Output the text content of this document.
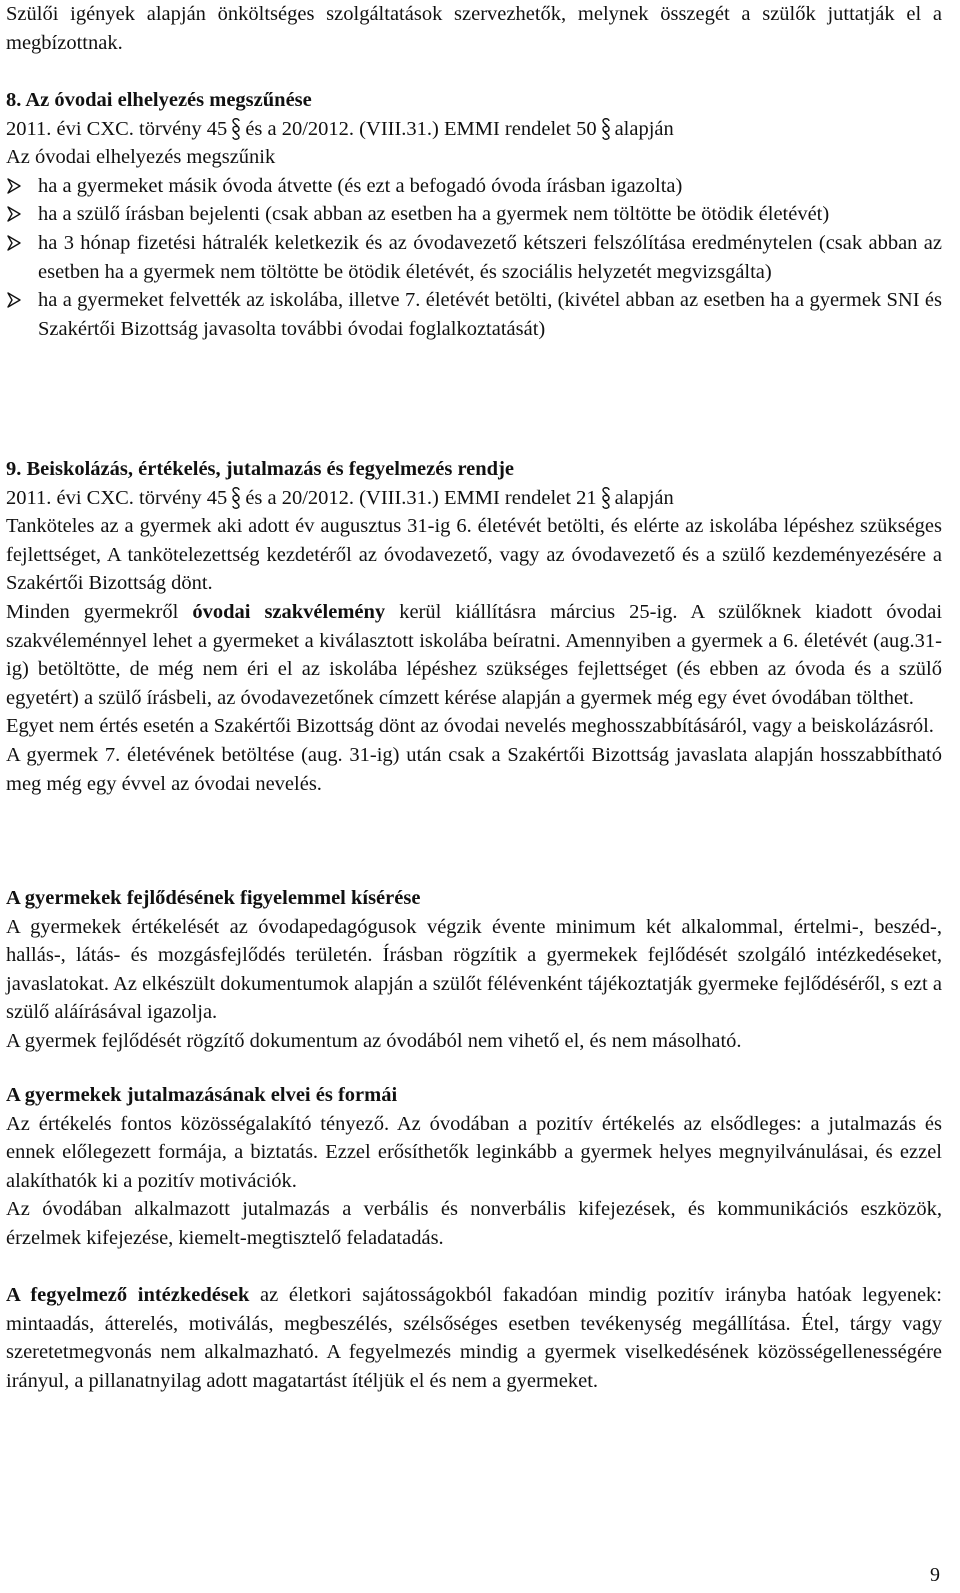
Szülői igények alapján önköltséges szolgáltatások szervezhetők, melynek összegét a szülők juttatják el a megbízottnak.

8. Az óvodai elhelyezés megszűnése

2011. évi CXC. törvény 45 és a 20/2012. (VIII.31.) EMMI rendelet 50 alapján

Az óvodai elhelyezés megszűnik

ha a gyermeket másik óvoda átvette (és ezt a befogadó óvoda írásban igazolta)

ha a szülő írásban bejelenti (csak abban az esetben ha a gyermek nem töltötte be ötödik életévét)

ha 3 hónap fizetési hátralék keletkezik és az óvodavezető kétszeri felszólítása eredménytelen (csak abban az esetben ha a gyermek nem töltötte be ötödik életévét, és szociális helyzetét megvizsgálta)

ha a gyermeket felvették az iskolába, illetve 7. életévét betölti, (kivétel abban az esetben ha a gyermek SNI és Szakértői Bizottság javasolta további óvodai foglalkoztatását)

9. Beiskolázás, értékelés, jutalmazás és fegyelmezés rendje

2011. évi CXC. törvény 45 és a 20/2012. (VIII.31.) EMMI rendelet 21 alapján

Tanköteles az a gyermek aki adott év augusztus 31-ig 6. életévét betölti, és elérte az iskolába lépéshez szükséges fejlettséget, A tankötelezettség kezdetéről az óvodavezető, vagy az óvodavezető és a szülő kezdeményezésére a Szakértői Bizottság dönt.

Minden gyermekről óvodai szakvélemény kerül kiállításra március 25-ig. A szülőknek kiadott óvodai szakvéleménnyel lehet a gyermeket a kiválasztott iskolába beíratni. Amennyiben a gyermek a 6. életévét (aug.31-ig) betöltötte, de még nem éri el az iskolába lépéshez szükséges fejlettséget (és ebben az óvoda és a szülő egyetért) a szülő írásbeli, az óvodavezetőnek címzett kérése alapján a gyermek még egy évet óvodában tölthet.

Egyet nem értés esetén a Szakértői Bizottság dönt az óvodai nevelés meghosszabbításáról, vagy a beiskolázásról.

A gyermek 7. életévének betöltése (aug. 31-ig) után csak a Szakértői Bizottság javaslata alapján hosszabbítható meg még egy évvel az óvodai nevelés.

A gyermekek fejlődésének figyelemmel kísérése

A gyermekek értékelését az óvodapedagógusok végzik évente minimum két alkalommal, értelmi-, beszéd-, hallás-, látás- és mozgásfejlődés területén. Írásban rögzítik a gyermekek fejlődését szolgáló intézkedéseket, javaslatokat. Az elkészült dokumentumok alapján a szülőt félévenként tájékoztatják gyermeke fejlődéséről, s ezt a szülő aláírásával igazolja.

A gyermek fejlődését rögzítő dokumentum az óvodából nem vihető el, és nem másolható.

A gyermekek jutalmazásának elvei és formái

Az értékelés fontos közösségalakító tényező. Az óvodában a pozitív értékelés az elsődleges: a jutalmazás és ennek előlegezett formája, a biztatás. Ezzel erősíthetők leginkább a gyermek helyes megnyilvánulásai, és ezzel alakíthatók ki a pozitív motivációk.

Az óvodában alkalmazott jutalmazás a verbális és nonverbális kifejezések, és kommunikációs eszközök, érzelmek kifejezése, kiemelt-megtisztelő feladatadás.

A fegyelmező intézkedések az életkori sajátosságokból fakadóan mindig pozitív irányba hatóak legyenek: mintaadás, átterelés, motiválás, megbeszélés, szélsőséges esetben tevékenység megállítása. Étel, tárgy vagy szeretetmegvonás nem alkalmazható. A fegyelmezés mindig a gyermek viselkedésének közösségellenességére irányul, a pillanatnyilag adott magatartást ítéljük el és nem a gyermeket.

9
